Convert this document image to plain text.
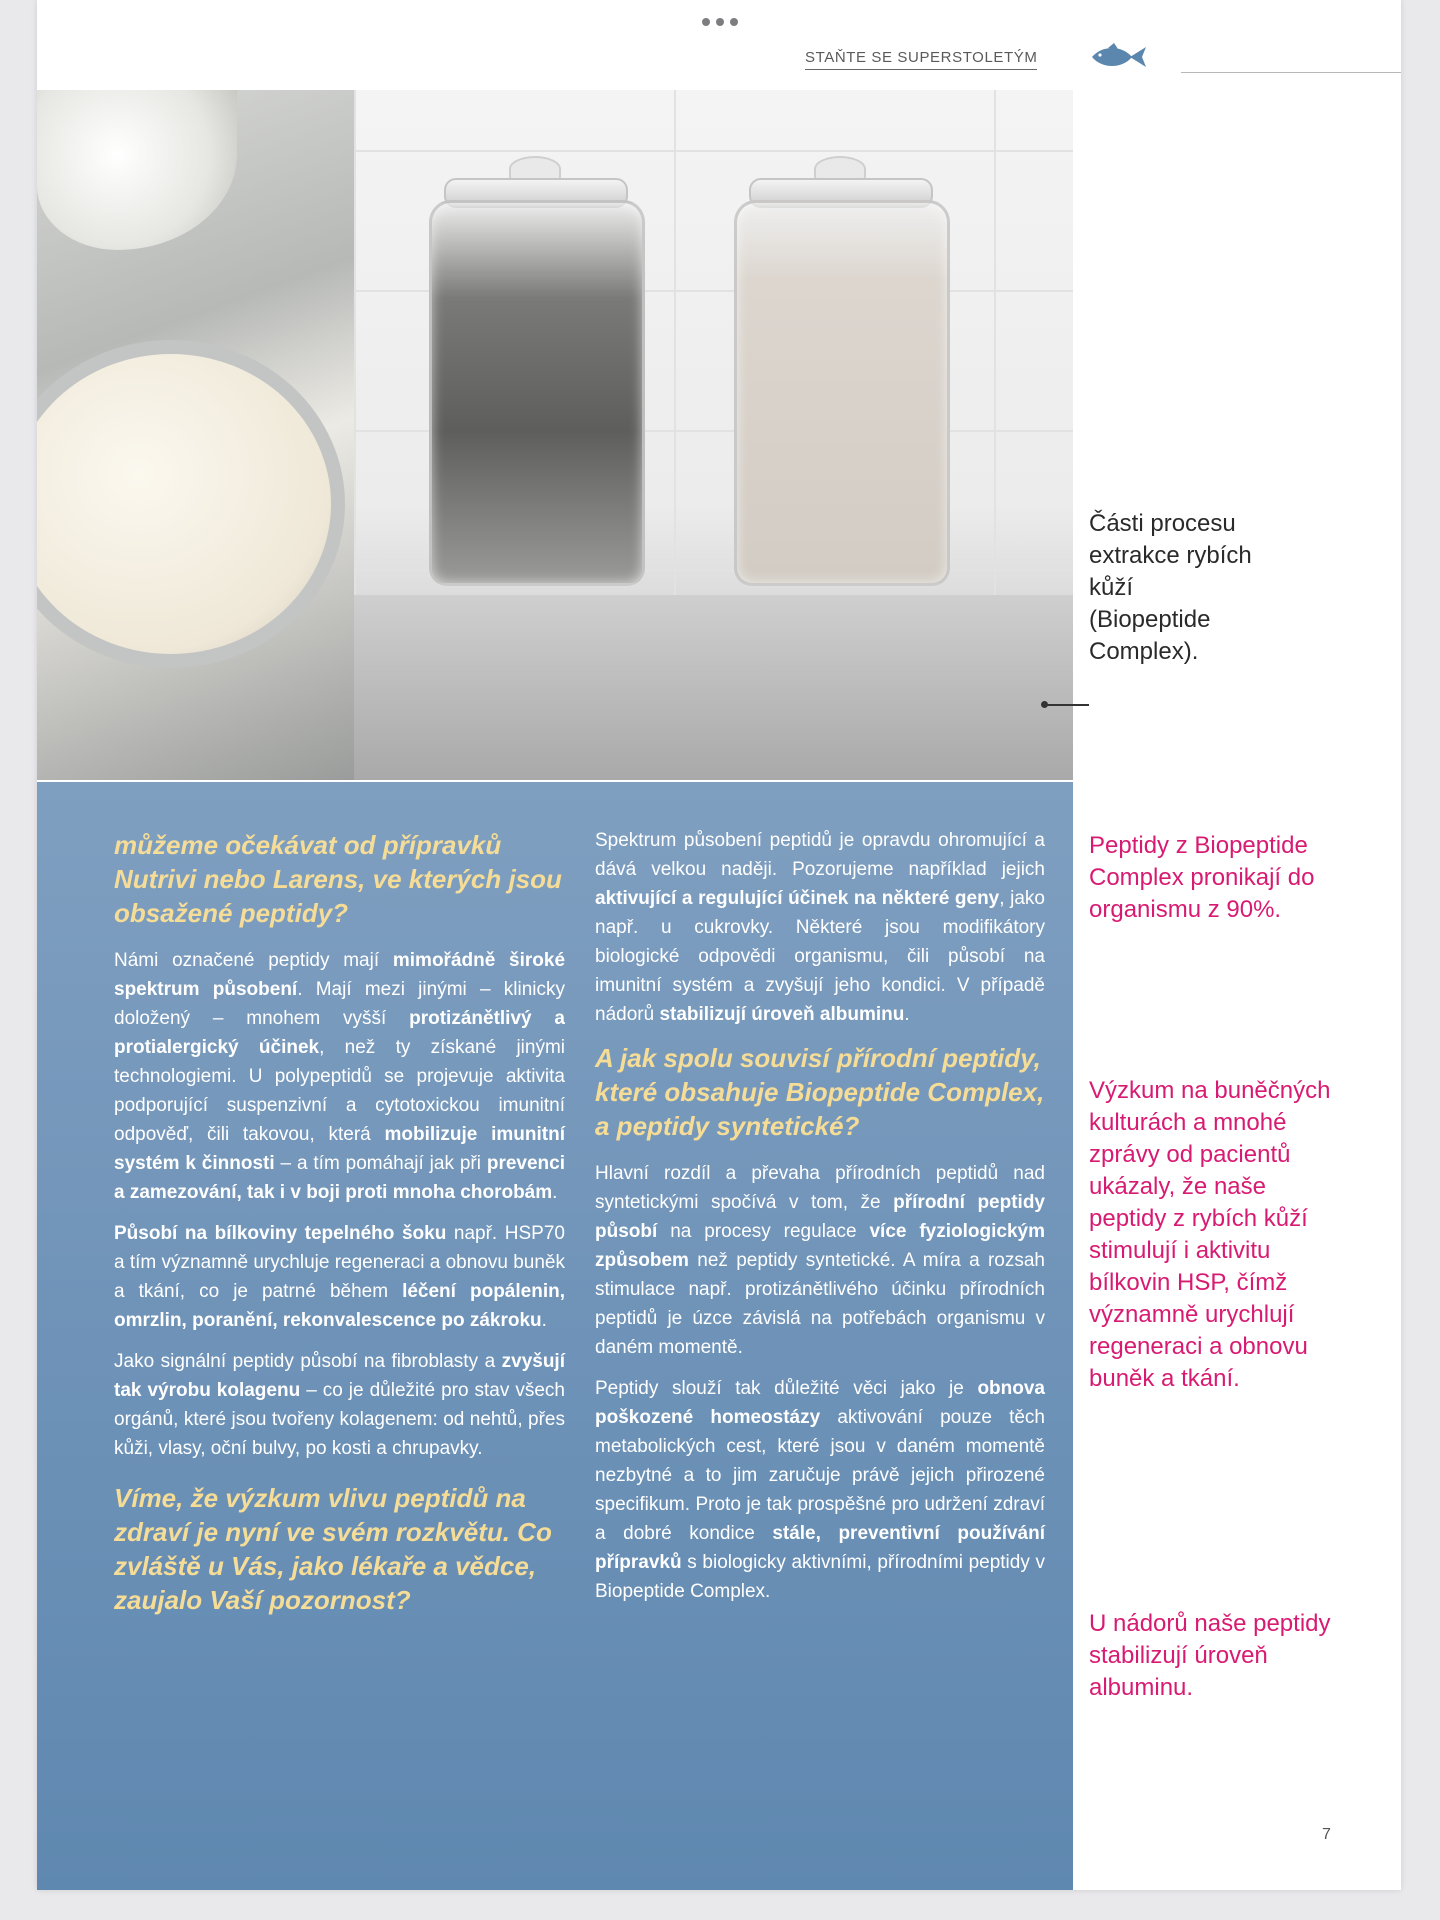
STAŇTE SE SUPERSTOLETÝM

Části procesu extrakce rybích kůží (Biopeptide Complex).

můžeme očekávat od přípravků Nutrivi nebo Larens, ve kterých jsou obsažené peptidy?

Námi označené peptidy mají mimořádně široké spektrum působení. Mají mezi jinými – klinicky doložený – mnohem vyšší protizánětlivý a protialergický účinek, než ty získané jinými technologiemi. U polypeptidů se projevuje aktivita podporující suspenzivní a cytotoxickou imunitní odpověď, čili takovou, která mobilizuje imunitní systém k činnosti – a tím pomáhají jak při prevenci a zamezování, tak i v boji proti mnoha chorobám.

Působí na bílkoviny tepelného šoku např. HSP70 a tím významně urychluje regeneraci a obnovu buněk a tkání, co je patrné během léčení popálenin, omrzlin, poranění, rekonvalescence po zákroku.

Jako signální peptidy působí na fibroblasty a zvyšují tak výrobu kolagenu – co je důležité pro stav všech orgánů, které jsou tvořeny kolagenem: od nehtů, přes kůži, vlasy, oční bulvy, po kosti a chrupavky.

Víme, že výzkum vlivu peptidů na zdraví je nyní ve svém rozkvětu. Co zvláště u Vás, jako lékaře a vědce, zaujalo Vaší pozornost?

Spektrum působení peptidů je opravdu ohromující a dává velkou naději. Pozorujeme například jejich aktivující a regulující účinek na některé geny, jako např. u cukrovky. Některé jsou modifikátory biologické odpovědi organismu, čili působí na imunitní systém a zvyšují jeho kondici. V případě nádorů stabilizují úroveň albuminu.

A jak spolu souvisí přírodní peptidy, které obsahuje Biopeptide Complex, a peptidy syntetické?

Hlavní rozdíl a převaha přírodních peptidů nad syntetickými spočívá v tom, že přírodní peptidy působí na procesy regulace více fyziologickým způsobem než peptidy syntetické. A míra a rozsah stimulace např. protizánětlivého účinku přírodních peptidů je úzce závislá na potřebách organismu v daném momentě.

Peptidy slouží tak důležité věci jako je obnova poškozené homeostázy aktivování pouze těch metabolických cest, které jsou v daném momentě nezbytné a to jim zaručuje právě jejich přirozené specifikum. Proto je tak prospěšné pro udržení zdraví a dobré kondice stále, preventivní používání přípravků s biologicky aktivními, přírodními peptidy v Biopeptide Complex.

Peptidy z Biopeptide Complex pronikají do organismu z 90%.

Výzkum na buněčných kulturách a mnohé zprávy od pacientů ukázaly, že naše peptidy z rybích kůží stimulují i aktivitu bílkovin HSP, čímž významně urychlují regeneraci a obnovu buněk a tkání.

U nádorů naše peptidy stabilizují úroveň albuminu.

7
